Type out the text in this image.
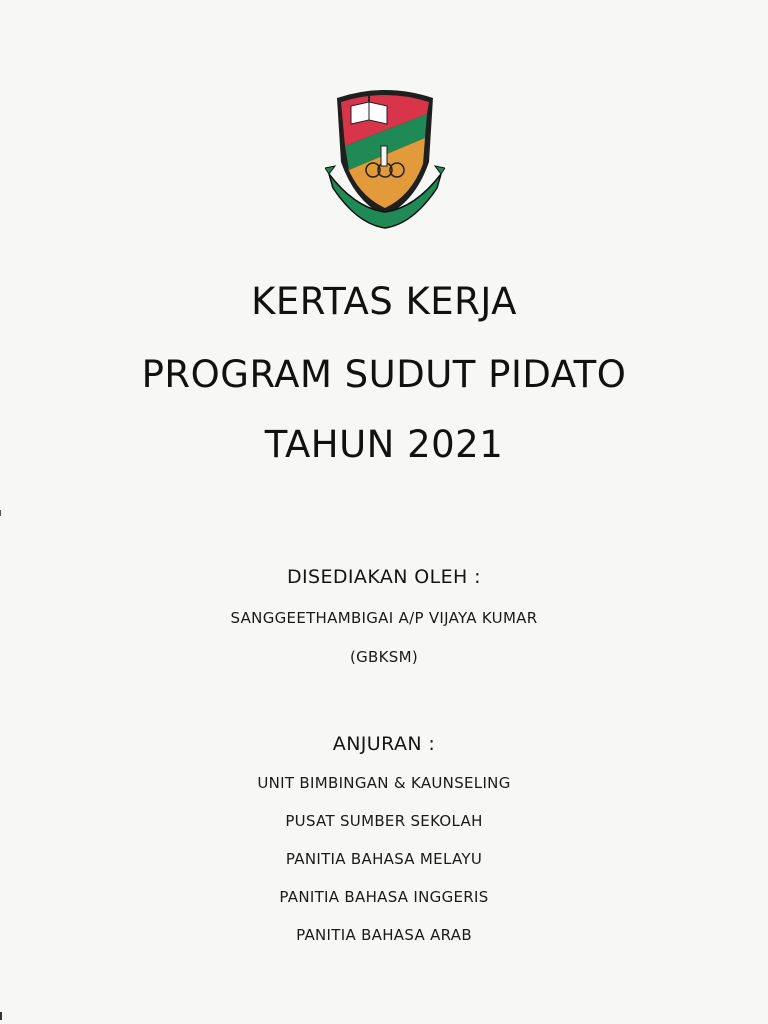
KERTAS KERJA
PROGRAM SUDUT PIDATO
TAHUN 2021
DISEDIAKAN OLEH :
SANGGEETHAMBIGAI A/P VIJAYA KUMAR
(GBKSM)
ANJURAN :
UNIT BIMBINGAN & KAUNSELING
PUSAT SUMBER SEKOLAH
PANITIA BAHASA MELAYU
PANITIA BAHASA INGGERIS
PANITIA BAHASA ARAB
